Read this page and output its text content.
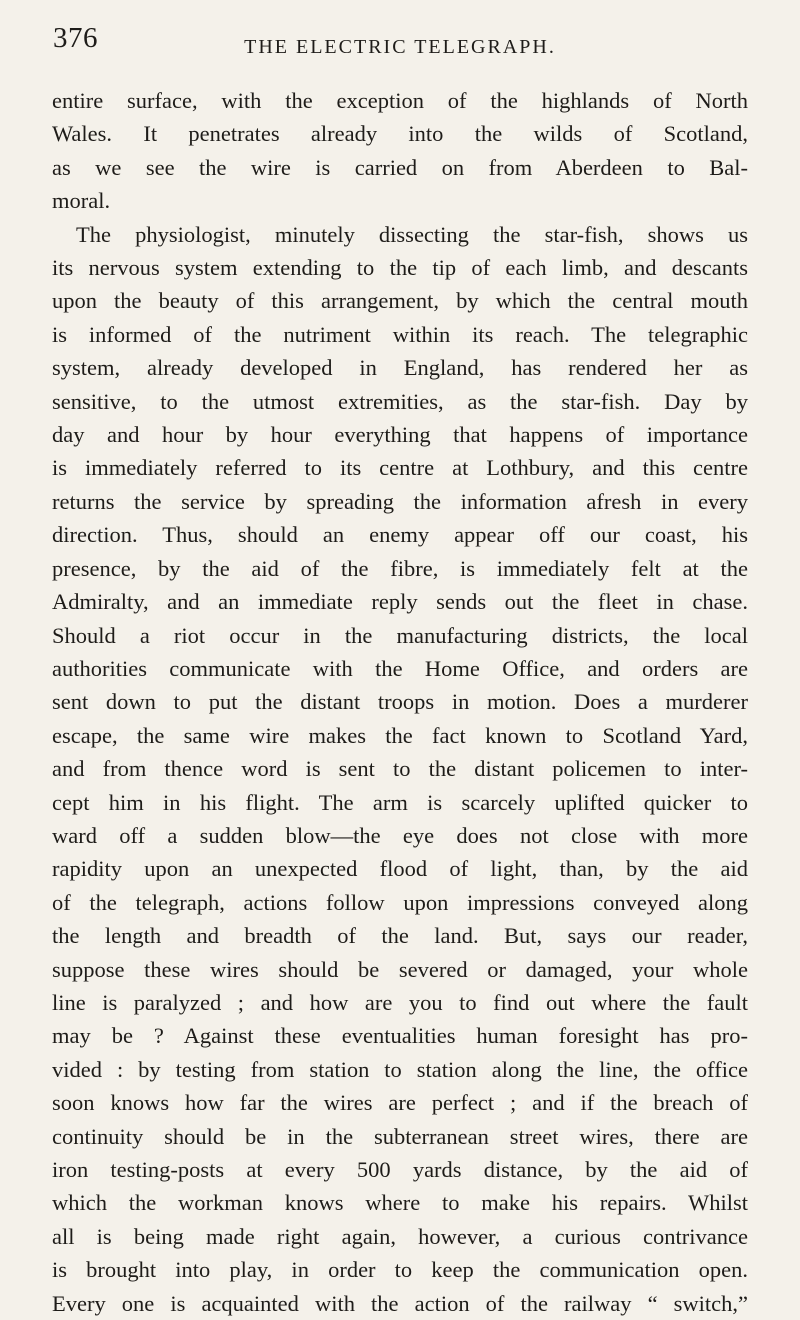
376	THE ELECTRIC TELEGRAPH.

entire surface, with the exception of the highlands of North
Wales. It penetrates already into the wilds of Scotland,
as we see the wire is carried on from Aberdeen to Bal-
moral.

The physiologist, minutely dissecting the star-fish, shows us
its nervous system extending to the tip of each limb, and descants
upon the beauty of this arrangement, by which the central mouth
is informed of the nutriment within its reach. The telegraphic
system, already developed in England, has rendered her as
sensitive, to the utmost extremities, as the star-fish. Day by
day and hour by hour everything that happens of importance
is immediately referred to its centre at Lothbury, and this centre
returns the service by spreading the information afresh in every
direction. Thus, should an enemy appear off our coast, his
presence, by the aid of the fibre, is immediately felt at the
Admiralty, and an immediate reply sends out the fleet in chase.
Should a riot occur in the manufacturing districts, the local
authorities communicate with the Home Office, and orders are
sent down to put the distant troops in motion. Does a murderer
escape, the same wire makes the fact known to Scotland Yard,
and from thence word is sent to the distant policemen to inter-
cept him in his flight. The arm is scarcely uplifted quicker to
ward off a sudden blow—the eye does not close with more
rapidity upon an unexpected flood of light, than, by the aid
of the telegraph, actions follow upon impressions conveyed along
the length and breadth of the land. But, says our reader,
suppose these wires should be severed or damaged, your whole
line is paralyzed ; and how are you to find out where the fault
may be ? Against these eventualities human foresight has pro-
vided : by testing from station to station along the line, the office
soon knows how far the wires are perfect ; and if the breach of
continuity should be in the subterranean street wires, there are
iron testing-posts at every 500 yards distance, by the aid of
which the workman knows where to make his repairs. Whilst
all is being made right again, however, a curious contrivance
is brought into play, in order to keep the communication open.
Every one is acquainted with the action of the railway “ switch,”
